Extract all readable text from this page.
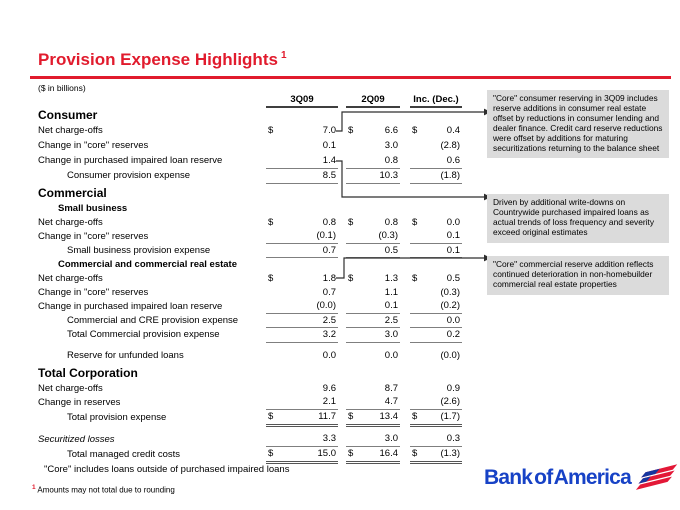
Provision Expense Highlights $^1$
($ in billions)
	3Q09		2Q09		Inc. (Dec.)
Consumer					
Net charge-offs	$ 7.0		$ 6.6		$ 0.4

Change in "core" reserves	0.1		3.0		(2.8)

Change in purchased impaired loan reserve	1.4		0.8		0.6

Consumer provision expense	8.5		10.3		(1.8)

Commercial					
Small business					
Net charge-offs	$ 0.8		$ 0.8		$ 0.0

Change in "core" reserves	(0.1)		(0.3)		0.1

Small business provision expense	0.7		0.5		0.1

Commercial and commercial real estate					
Net charge-offs	$ 1.8		$ 1.3		$ 0.5

Change in "core" reserves	0.7		1.1		(0.3)

Change in purchased impaired loan reserve	(0.0)		0.1		(0.2)

Commercial and CRE provision expense	2.5		2.5		0.0

Total Commercial provision expense	3.2		3.0		0.2

Reserve for unfunded loans	0.0		0.0		(0.0)

Total Corporation					
Net charge-offs	9.6		8.7		0.9

Change in reserves	2.1		4.7		(2.6)

Total provision expense	$ 11.7		$ 13.4		$ (1.7)

Securitized losses	3.3		3.0		0.3

Total managed credit costs	$ 15.0		$ 16.4		$ (1.3)
"Core" consumer reserving in 3Q09 includes reserve additions in consumer real estate offset by reductions in consumer lending and dealer finance. Credit card reserve reductions were offset by additions for maturing securitizations returning to the balance sheet
Driven by additional write-downs on Countrywide purchased impaired loans as actual trends of loss frequency and severity exceed original estimates
"Core" commercial reserve addition reflects continued deterioration in non-homebuilder commercial real estate properties
"Core" includes loans outside of purchased impaired loans
$^1$ Amounts may not total due to rounding
Bank of America
